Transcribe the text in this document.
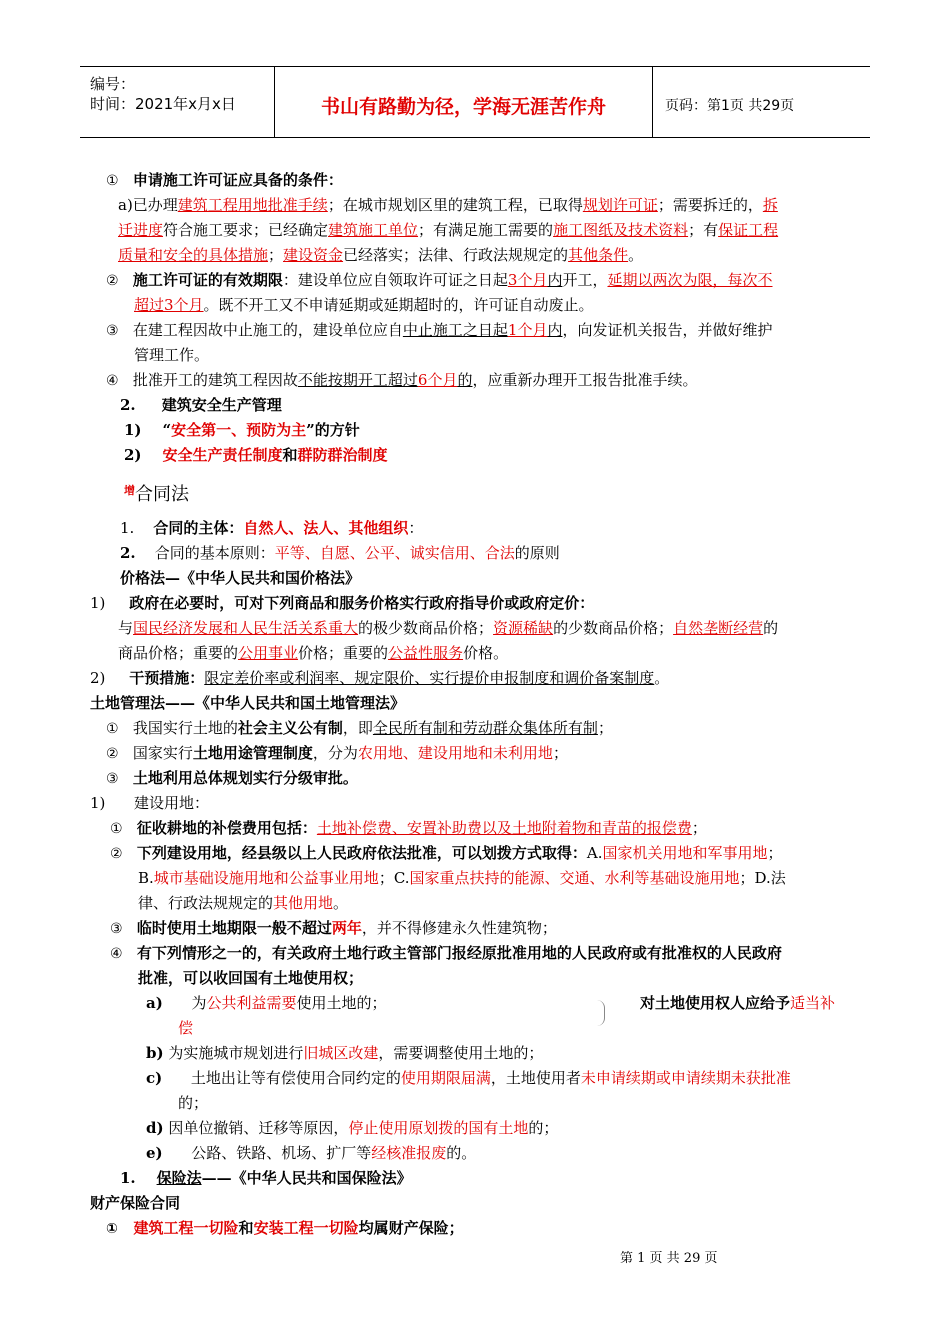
编号：
时间：2021年x月x日	书山有路勤为径，学海无涯苦作舟	页码：第1页 共29页
① 申请施工许可证应具备的条件：
a)已办理建筑工程用地批准手续；在城市规划区里的建筑工程，已取得规划许可证；需要拆迁的，拆
迁进度符合施工要求；已经确定建筑施工单位；有满足施工需要的施工图纸及技术资料；有保证工程
质量和安全的具体措施；建设资金已经落实；法律、行政法规规定的其他条件。
② 施工许可证的有效期限：建设单位应自领取许可证之日起3个月内开工，延期以两次为限，每次不
超过3个月。既不开工又不申请延期或延期超时的，许可证自动废止。
③ 在建工程因故中止施工的，建设单位应自中止施工之日起1个月内，向发证机关报告，并做好维护
管理工作。
④ 批准开工的建筑工程因故不能按期开工超过6个月的，应重新办理开工报告批准手续。
2. 建筑安全生产管理
1) “安全第一、预防为主”的方针
2) 安全生产责任制度和群防群治制度
$^增$合同法
1. 合同的主体：自然人、法人、其他组织：
2. 合同的基本原则：平等、自愿、公平、诚实信用、合法的原则
价格法—《中华人民共和国价格法》
1) 政府在必要时，可对下列商品和服务价格实行政府指导价或政府定价：
与国民经济发展和人民生活关系重大的极少数商品价格；资源稀缺的少数商品价格；自然垄断经营的
商品价格；重要的公用事业价格；重要的公益性服务价格。
2) 干预措施：限定差价率或利润率、规定限价、实行提价申报制度和调价备案制度。
土地管理法——《中华人民共和国土地管理法》
① 我国实行土地的社会主义公有制，即全民所有制和劳动群众集体所有制；
② 国家实行土地用途管理制度，分为农用地、建设用地和未利用地；
③ 土地利用总体规划实行分级审批。
1) 建设用地：
① 征收耕地的补偿费用包括：土地补偿费、安置补助费以及土地附着物和青苗的报偿费；
② 下列建设用地，经县级以上人民政府依法批准，可以划拨方式取得：A.国家机关用地和军事用地；
B.城市基础设施用地和公益事业用地；C.国家重点扶持的能源、交通、水利等基础设施用地；D.法
律、行政法规规定的其他用地。
③ 临时使用土地期限一般不超过两年，并不得修建永久性建筑物；
④ 有下列情形之一的，有关政府土地行政主管部门报经原批准用地的人民政府或有批准权的人民政府
批准，可以收回国有土地使用权；
a) 为公共利益需要使用土地的；	对土地使用权人应给予适当补
偿
b) 为实施城市规划进行旧城区改建，需要调整使用土地的；
c) 土地出让等有偿使用合同约定的使用期限届满，土地使用者未申请续期或申请续期未获批准
的；
d) 因单位撤销、迁移等原因，停止使用原划拨的国有土地的；
e) 公路、铁路、机场、扩厂等经核准报废的。
1. 保险法——《中华人民共和国保险法》
财产保险合同
① 建筑工程一切险和安装工程一切险均属财产保险；
第 1 页 共 29 页
